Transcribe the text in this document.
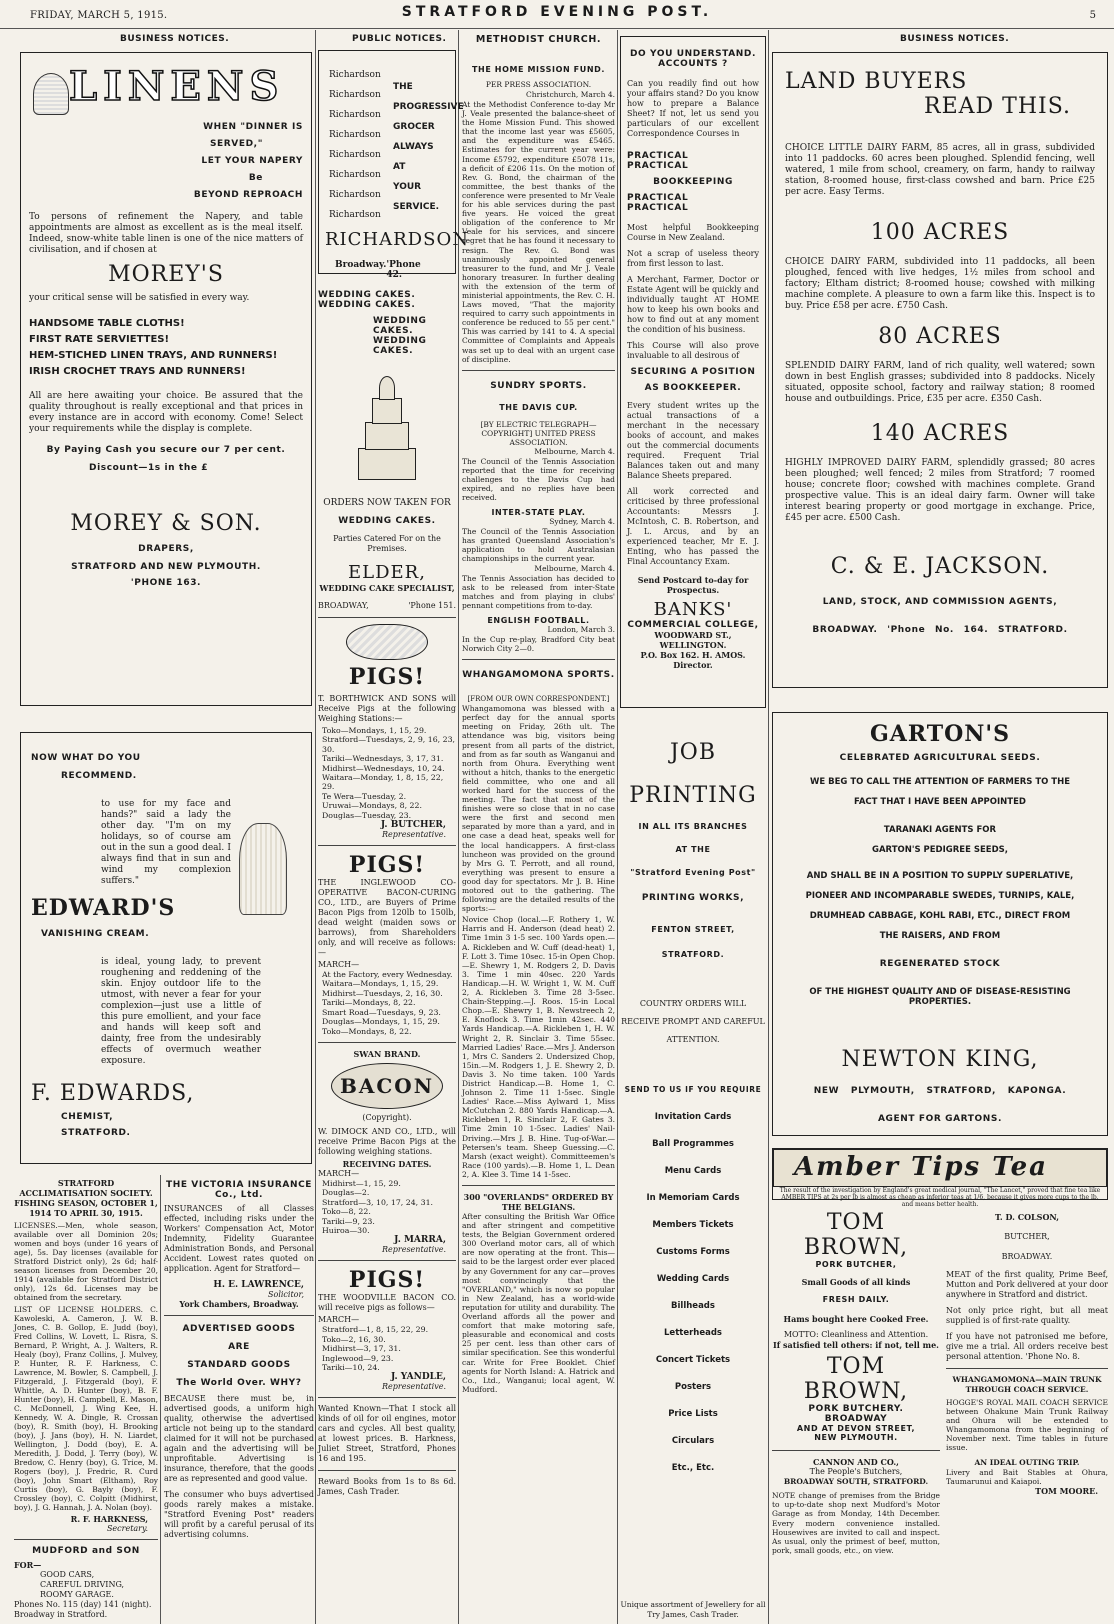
FRIDAY, MARCH 5, 1915.	STRATFORD EVENING POST.	5
BUSINESS NOTICES.	PUBLIC NOTICES.	BUSINESS NOTICES.
LINENS
WHEN "DINNER IS
SERVED,"
LET YOUR NAPERY
Be
BEYOND REPROACH

To persons of refinement the Napery, and table appointments are almost as excellent as is the meal itself. Indeed, snow-white table linen is one of the nice matters of civilisation, and if chosen at

MOREY'S

your critical sense will be satisfied in every way.

HANDSOME TABLE CLOTHS!
FIRST RATE SERVIETTES!
HEM-STICHED LINEN TRAYS, AND RUNNERS!
IRISH CROCHET TRAYS AND RUNNERS!

All are here awaiting your choice. Be assured that the quality throughout is really exceptional and that prices in every instance are in accord with economy. Come! Select your requirements while the display is complete.

By Paying Cash you secure our 7 per cent.
Discount—1s in the £
MOREY & SON.
DRAPERS,
STRATFORD AND NEW PLYMOUTH.
'PHONE 163.
NOW WHAT DO YOU
RECOMMEND.

to use for my face and hands?" said a lady the other day. "I'm on my holidays, so of course am out in the sun a good deal. I always find that in sun and wind my complexion suffers."

EDWARD'S
VANISHING CREAM.

is ideal, young lady, to prevent roughening and reddening of the skin. Enjoy outdoor life to the utmost, with never a fear for your complexion—just use a little of this pure emollient, and your face and hands will keep soft and dainty, free from the undesirably effects of overmuch weather exposure.

F. EDWARDS,
CHEMIST,
STRATFORD.
STRATFORD ACCLIMATISATION SOCIETY.
FISHING SEASON, OCTOBER 1, 1914 TO APRIL 30, 1915.

LICENSES.—Men, whole season, available over all Dominion 20s; women and boys (under 16 years of age), 5s. Day licenses (available for Stratford District only), 2s 6d; half-season licenses from December 20, 1914 (available for Stratford District only), 12s 6d. Licenses may be obtained from the secretary.

LIST OF LICENSE HOLDERS. C. Kawoleski, A. Cameron, J. W. B. Jones, C. B. Gollop, E. Judd (boy), Fred Collins, W. Lovett, L. Risra, S. Bernard, P. Wright, A. J. Walters, R. Healy (boy), Franz Collins, J. Mulvey, P. Hunter, R. F. Harkness, C. Lawrence, M. Bowler, S. Campbell, J. Fitzgerald, J. Fitzgerald (boy), F. Whittle, A. D. Hunter (boy), B. F. Hunter (boy), H. Campbell, E. Mason, C. McDonnell, J. Wing Kee, H. Kennedy, W. A. Dingle, R. Crossan (boy), R. Smith (boy), H. Brooking (boy), J. Jans (boy), H. N. Liardet, Wellington, J. Dodd (boy), E. A. Meredith, J. Dodd, J. Terry (boy), W. Bredow, C. Henry (boy), G. Trice, M. Rogers (boy), J. Fredric, R. Curd (boy), John Smart (Eltham), Roy Curtis (boy), G. Bayly (boy), F. Crossley (boy), C. Colpitt (Midhirst, boy), J. G. Hannah, J. A. Nolan (boy).

R. F. HARKNESS,
Secretary.
MUDFORD and SON
FOR—
GOOD CARS,
CAREFUL DRIVING,
ROOMY GARAGE.
Phones No. 115 (day) 141 (night).
Broadway in Stratford.
THE VICTORIA INSURANCE Co., Ltd.

INSURANCES of all Classes effected, including risks under the Workers' Compensation Act, Motor Indemnity, Fidelity Guarantee Administration Bonds, and Personal Accident. Lowest rates quoted on application. Agent for Stratford—

H. E. LAWRENCE,
Solicitor,
York Chambers, Broadway.
ADVERTISED GOODS
ARE
STANDARD GOODS
The World Over. WHY?

BECAUSE there must be, in advertised goods, a uniform high quality, otherwise the advertised article not being up to the standard claimed for it will not be purchased again and the advertising will be unprofitable. Advertising is insurance, therefore, that the goods are as represented and good value.

The consumer who buys advertised goods rarely makes a mistake. "Stratford Evening Post" readers will profit by a careful perusal of its advertising columns.

Richardson
Richardson
Richardson
Richardson
Richardson
Richardson
Richardson
Richardson
THE
PROGRESSIVE
GROCER
ALWAYS
AT
YOUR
SERVICE.
RICHARDSON
Broadway. 'Phone 42.
WEDDING CAKES.
WEDDING CAKES.
WEDDING CAKES.
WEDDING CAKES.
ORDERS NOW TAKEN FOR
WEDDING CAKES.
Parties Catered For on the Premises.
ELDER,
WEDDING CAKE SPECIALIST,
BROADWAY,	'Phone 151.
PIGS!

T. BORTHWICK AND SONS will Receive Pigs at the following Weighing Stations:—

Toko—Mondays, 1, 15, 29.
Stratford—Tuesdays, 2, 9, 16, 23, 30.
Tariki—Wednesdays, 3, 17, 31.
Midhirst—Wednesdays, 10, 24.
Waitara—Monday, 1, 8, 15, 22, 29.
Te Wera—Tuesday, 2.
Uruwai—Mondays, 8, 22.
Douglas—Tuesday, 23.
J. BUTCHER,
Representative.
PIGS!

THE INGLEWOOD CO-OPERATIVE BACON-CURING CO., LTD., are Buyers of Prime Bacon Pigs from 120lb to 150lb, dead weight (maiden sows or barrows), from Shareholders only, and will receive as follows:—

MARCH—
At the Factory, every Wednesday.
Waitara—Mondays, 1, 15, 29.
Midhirst—Tuesdays, 2, 16, 30.
Tariki—Mondays, 8, 22.
Smart Road—Tuesdays, 9, 23.
Douglas—Mondays, 1, 15, 29.
Toko—Mondays, 8, 22.
SWAN BRAND.
BACON
(Copyright).

W. DIMOCK AND CO., LTD., will receive Prime Bacon Pigs at the following weighing stations.

RECEIVING DATES.
MARCH—
Midhirst—1, 15, 29.
Douglas—2.
Stratford—3, 10, 17, 24, 31.
Toko—8, 22.
Tariki—9, 23.
Huiroa—30.
J. MARRA,
Representative.
PIGS!

THE WOODVILLE BACON CO. will receive pigs as follows—

MARCH—
Stratford—1, 8, 15, 22, 29.
Toko—2, 16, 30.
Midhirst—3, 17, 31.
Inglewood—9, 23.
Tariki—10, 24.
J. YANDLE,
Representative.

Wanted Known—That I stock all kinds of oil for oil engines, motor cars and cycles. All best quality, at lowest prices. B. Harkness, Juliet Street, Stratford, Phones 16 and 195.

Reward Books from 1s to 8s 6d. James, Cash Trader.

METHODIST CHURCH.
THE HOME MISSION FUND.
PER PRESS ASSOCIATION.
Christchurch, March 4.

At the Methodist Conference to-day Mr J. Veale presented the balance-sheet of the Home Mission Fund. This showed that the income last year was £5605, and the expenditure was £5465. Estimates for the current year were: Income £5792, expenditure £5078 11s, a deficit of £206 11s. On the motion of Rev. G. Bond, the chairman of the committee, the best thanks of the conference were presented to Mr Veale for his able services during the past five years. He voiced the great obligation of the conference to Mr Veale for his services, and sincere regret that he has found it necessary to resign. The Rev. G. Bond was unanimously appointed general treasurer to the fund, and Mr J. Veale honorary treasurer. In further dealing with the extension of the term of ministerial appointments, the Rev. C. H. Laws moved, "That the majority required to carry such appointments in conference be reduced to 55 per cent." This was carried by 141 to 4. A special Committee of Complaints and Appeals was set up to deal with an urgent case of discipline.

SUNDRY SPORTS.
THE DAVIS CUP.
[BY ELECTRIC TELEGRAPH—COPYRIGHT] UNITED PRESS ASSOCIATION.
Melbourne, March 4.

The Council of the Tennis Association reported that the time for receiving challenges to the Davis Cup had expired, and no replies have been received.

INTER-STATE PLAY.
Sydney, March 4.

The Council of the Tennis Association has granted Queensland Association's application to hold Australasian championships in the current year.

Melbourne, March 4.

The Tennis Association has decided to ask to be released from inter-State matches and from playing in clubs' pennant competitions from to-day.

ENGLISH FOOTBALL.
London, March 3.

In the Cup re-play, Bradford City beat Norwich City 2—0.

WHANGAMOMONA SPORTS.
[FROM OUR OWN CORRESPONDENT.]

Whangamomona was blessed with a perfect day for the annual sports meeting on Friday, 26th ult. The attendance was big, visitors being present from all parts of the district, and from as far south as Wanganui and north from Ohura. Everything went without a hitch, thanks to the energetic field committee, who one and all worked hard for the success of the meeting. The fact that most of the finishes were so close that in no case were the first and second men separated by more than a yard, and in one case a dead heat, speaks well for the local handicappers. A first-class luncheon was provided on the ground by Mrs G. T. Perrott, and all round, everything was present to ensure a good day for spectators. Mr J. B. Hine motored out to the gathering. The following are the detailed results of the sports:—

Novice Chop (local.—F. Rothery 1, W. Harris and H. Anderson (dead heat) 2. Time 1min 3 1-5 sec. 100 Yards open.—A. Rickleben and W. Cuff (dead-heat) 1, F. Lott 3. Time 10sec. 15-in Open Chop.—E. Shewry 1, M. Rodgers 2, D. Davis 3. Time 1 min 40sec. 220 Yards Handicap.—H. W. Wright 1, W. M. Cuff 2, A. Rickleben 3. Time 28 3-5sec. Chain-Stepping.—J. Roos. 15-in Local Chop.—E. Shewry 1, B. Newstreech 2, E. Knoflock 3. Time 1min 42sec. 440 Yards Handicap.—A. Rickleben 1, H. W. Wright 2, R. Sinclair 3. Time 55sec. Married Ladies' Race.—Mrs J. Anderson 1, Mrs C. Sanders 2. Undersized Chop, 15in.—M. Rodgers 1, J. E. Shewry 2, D. Davis 3. No time taken. 100 Yards District Handicap.—B. Home 1, C. Johnson 2. Time 11 1-5sec. Single Ladies' Race.—Miss Aylward 1, Miss McCutchan 2. 880 Yards Handicap.—A. Rickleben 1, R. Sinclair 2, F. Gates 3. Time 2min 10 1-5sec. Ladies' Nail-Driving.—Mrs J. B. Hine. Tug-of-War.—Petersen's team. Sheep Guessing.—C. Marsh (exact weight). Committeemen's Race (100 yards).—B. Home 1, L. Dean 2, A. Klee 3. Time 14 1-5sec.

300 "OVERLANDS" ORDERED BY
THE BELGIANS.

After consulting the British War Office and after stringent and competitive tests, the Belgian Government ordered 300 Overland motor cars, all of which are now operating at the front. This—said to be the largest order ever placed by any Government for any car—proves most convincingly that the "OVERLAND," which is now so popular in New Zealand, has a world-wide reputation for utility and durability. The Overland affords all the power and comfort that make motoring safe, pleasurable and economical and costs 25 per cent. less than other cars of similar specification. See this wonderful car. Write for Free Booklet. Chief agents for North Island: A. Hatrick and Co., Ltd., Wanganui; local agent, W. Mudford.

DO YOU UNDERSTAND.
ACCOUNTS ?

Can you readily find out how your affairs stand? Do you know how to prepare a Balance Sheet? If not, let us send you particulars of our excellent Correspondence Courses in

PRACTICAL PRACTICAL
BOOKKEEPING
PRACTICAL PRACTICAL

Most helpful Bookkeeping Course in New Zealand.

Not a scrap of useless theory from first lesson to last.

A Merchant, Farmer, Doctor or Estate Agent will be quickly and individually taught AT HOME how to keep his own books and how to find out at any moment the condition of his business.

This Course will also prove invaluable to all desirous of

SECURING A POSITION
AS BOOKKEEPER.

Every student writes up the actual transactions of a merchant in the necessary books of account, and makes out the commercial documents required. Frequent Trial Balances taken out and many Balance Sheets prepared.

All work corrected and criticised by three professional Accountants: Messrs J. McIntosh, C. B. Robertson, and J. L. Arcus, and by an experienced teacher, Mr E. J. Enting, who has passed the Final Accountancy Exam.

Send Postcard to-day for Prospectus.
BANKS'
COMMERCIAL COLLEGE,
WOODWARD ST., WELLINGTON.
P.O. Box 162. H. AMOS. Director.
JOB
PRINTING
IN ALL ITS BRANCHES
AT THE
"Stratford Evening Post"
PRINTING WORKS,
FENTON STREET,
STRATFORD.
COUNTRY ORDERS WILL
RECEIVE PROMPT AND CAREFUL
ATTENTION.
SEND TO US IF YOU REQUIRE
Invitation Cards
Ball Programmes
Menu Cards
In Memoriam Cards
Members Tickets
Customs Forms
Wedding Cards
Billheads
Letterheads
Concert Tickets
Posters
Price Lists
Circulars
Etc., Etc.
Unique assortment of Jewellery for all Try James, Cash Trader.
LAND BUYERS
READ THIS.

CHOICE LITTLE DAIRY FARM, 85 acres, all in grass, subdivided into 11 paddocks. 60 acres been ploughed. Splendid fencing, well watered, 1 mile from school, creamery, on farm, handy to railway station, 8-roomed house, first-class cowshed and barn. Price £25 per acre. Easy Terms.

100 ACRES

CHOICE DAIRY FARM, subdivided into 11 paddocks, all been ploughed, fenced with live hedges, 1½ miles from school and factory; Eltham district; 8-roomed house; cowshed with milking machine complete. A pleasure to own a farm like this. Inspect is to buy. Price £58 per acre. £750 Cash.

80 ACRES

SPLENDID DAIRY FARM, land of rich quality, well watered; sown down in best English grasses; subdivided into 8 paddocks. Nicely situated, opposite school, factory and railway station; 8 roomed house and outbuildings. Price, £35 per acre. £350 Cash.

140 ACRES

HIGHLY IMPROVED DAIRY FARM, splendidly grassed; 80 acres been ploughed; well fenced; 2 miles from Stratford; 7 roomed house; concrete floor; cowshed with machines complete. Grand prospective value. This is an ideal dairy farm. Owner will take interest bearing property or good mortgage in exchange. Price, £45 per acre. £500 Cash.

C. & E. JACKSON.
LAND, STOCK, AND COMMISSION AGENTS,
BROADWAY. 'Phone No. 164. STRATFORD.
GARTON'S
CELEBRATED AGRICULTURAL SEEDS.
WE BEG TO CALL THE ATTENTION OF FARMERS TO THE
FACT THAT I HAVE BEEN APPOINTED
TARANAKI AGENTS FOR
GARTON'S PEDIGREE SEEDS,
AND SHALL BE IN A POSITION TO SUPPLY SUPERLATIVE,
PIONEER AND INCOMPARABLE SWEDES, TURNIPS, KALE,
DRUMHEAD CABBAGE, KOHL RABI, ETC., DIRECT FROM
THE RAISERS, AND FROM
REGENERATED STOCK
OF THE HIGHEST QUALITY AND OF DISEASE-RESISTING PROPERTIES.
NEWTON KING,
NEW PLYMOUTH, STRATFORD, KAPONGA.
AGENT FOR GARTONS.
Amber Tips Tea
The result of the investigation by England's great medical journal, "The Lancet," proved that fine tea like AMBER TIPS at 2s per lb is almost as cheap as inferior teas at 1/6, because it gives more cups to the lb. and means better health.
TOM BROWN,
PORK BUTCHER,
Small Goods of all kinds
FRESH DAILY.
Hams bought here Cooked Free.
MOTTO: Cleanliness and Attention.
If satisfied tell others: if not, tell me.
TOM BROWN,
PORK BUTCHERY.
BROADWAY
AND AT DEVON STREET,
NEW PLYMOUTH.
CANNON AND CO.,
The People's Butchers,
BROADWAY SOUTH, STRATFORD.

NOTE change of premises from the Bridge to up-to-date shop next Mudford's Motor Garage as from Monday, 14th December. Every modern convenience installed. Housewives are invited to call and inspect. As usual, only the primest of beef, mutton, pork, small goods, etc., on view.

T. D. COLSON,
BUTCHER,
BROADWAY.

MEAT of the first quality, Prime Beef, Mutton and Pork delivered at your door anywhere in Stratford and district.

Not only price right, but all meat supplied is of first-rate quality.

If you have not patronised me before, give me a trial. All orders receive best personal attention. 'Phone No. 8.

WHANGAMOMONA—MAIN TRUNK
THROUGH COACH SERVICE.

HOGGE'S ROYAL MAIL COACH SERVICE between Ohakune Main Trunk Railway and Ohura will be extended to Whangamomona from the beginning of November next. Time tables in future issue.

AN IDEAL OUTING TRIP.

Livery and Bait Stables at Ohura, Taumarunui and Kaiapoi.

TOM MOORE.
